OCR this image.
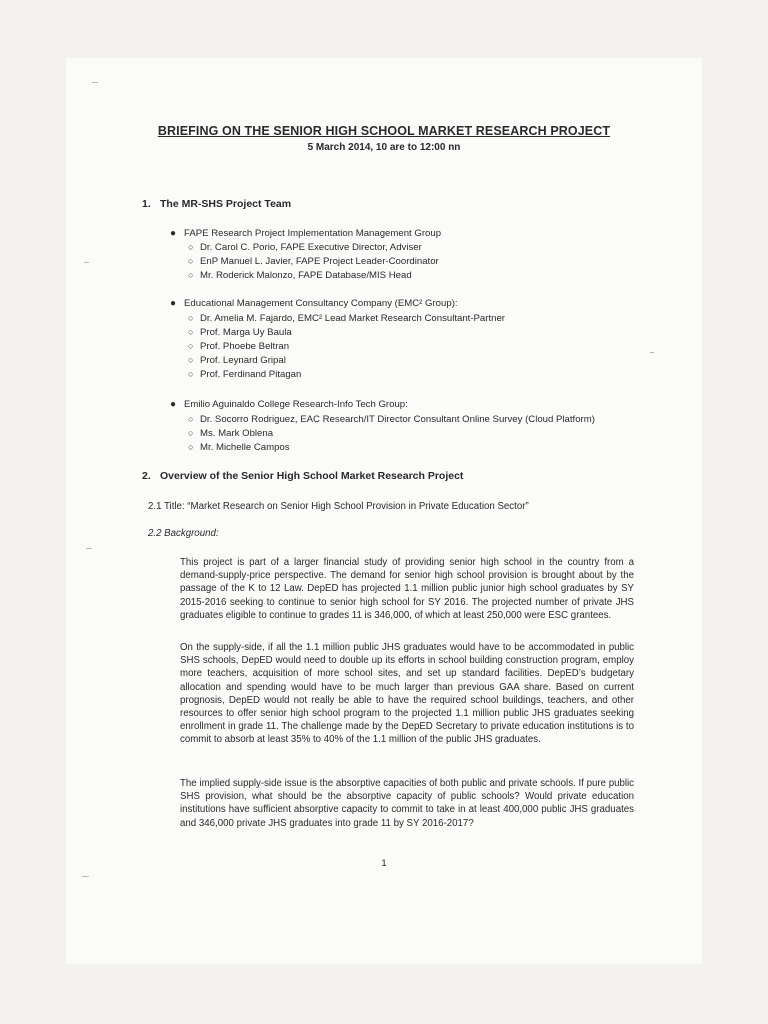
BRIEFING ON THE SENIOR HIGH SCHOOL MARKET RESEARCH PROJECT
5 March 2014, 10 are to 12:00 nn
1. The MR-SHS Project Team
● FAPE Research Project Implementation Management Group
○ Dr. Carol C. Porio, FAPE Executive Director, Adviser
○ EnP Manuel L. Javier, FAPE Project Leader-Coordinator
○ Mr. Roderick Malonzo, FAPE Database/MIS Head
● Educational Management Consultancy Company (EMC² Group):
○ Dr. Amelia M. Fajardo, EMC² Lead Market Research Consultant-Partner
○ Prof. Marga Uy Baula
○ Prof. Phoebe Beltran
○ Prof. Leynard Gripal
○ Prof. Ferdinand Pitagan
● Emilio Aguinaldo College Research-Info Tech Group:
○ Dr. Socorro Rodriguez, EAC Research/IT Director Consultant Online Survey (Cloud Platform)
○ Ms. Mark Oblena
○ Mr. Michelle Campos
2. Overview of the Senior High School Market Research Project
2.1 Title: “Market Research on Senior High School Provision in Private Education Sector”
2.2 Background:
This project is part of a larger financial study of providing senior high school in the country from a demand-supply-price perspective. The demand for senior high school provision is brought about by the passage of the K to 12 Law. DepED has projected 1.1 million public junior high school graduates by SY 2015-2016 seeking to continue to senior high school for SY 2016. The projected number of private JHS graduates eligible to continue to grades 11 is 346,000, of which at least 250,000 were ESC grantees.
On the supply-side, if all the 1.1 million public JHS graduates would have to be accommodated in public SHS schools, DepED would need to double up its efforts in school building construction program, employ more teachers, acquisition of more school sites, and set up standard facilities. DepED’s budgetary allocation and spending would have to be much larger than previous GAA share. Based on current prognosis, DepED would not really be able to have the required school buildings, teachers, and other resources to offer senior high school program to the projected 1.1 million public JHS graduates seeking enrollment in grade 11. The challenge made by the DepED Secretary to private education institutions is to commit to absorb at least 35% to 40% of the 1.1 million of the public JHS graduates.
The implied supply-side issue is the absorptive capacities of both public and private schools. If pure public SHS provision, what should be the absorptive capacity of public schools? Would private education institutions have sufficient absorptive capacity to commit to take in at least 400,000 public JHS graduates and 346,000 private JHS graduates into grade 11 by SY 2016-2017?
1
